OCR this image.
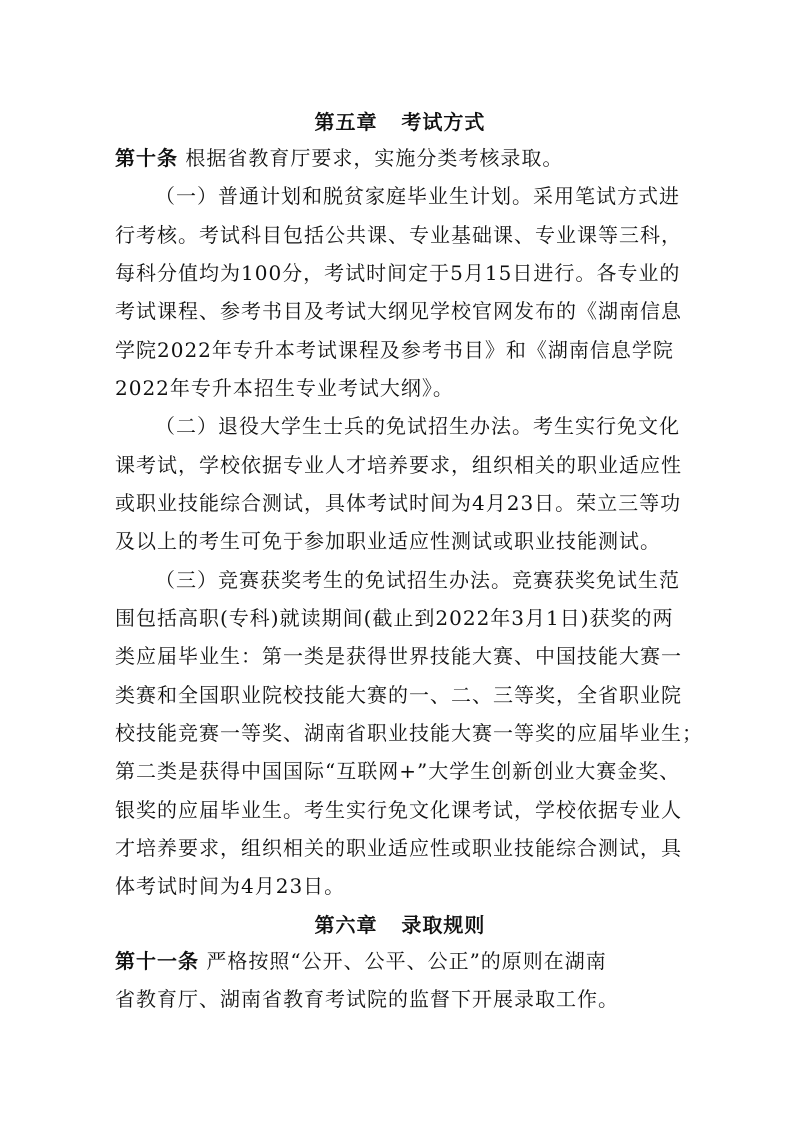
第五章   考试方式
第十条 根据省教育厅要求，实施分类考核录取。
（一）普通计划和脱贫家庭毕业生计划。采用笔试方式进
行考核。考试科目包括公共课、专业基础课、专业课等三科，
每科分值均为100分，考试时间定于5月15日进行。各专业的
考试课程、参考书目及考试大纲见学校官网发布的《湖南信息
学院2022年专升本考试课程及参考书目》和《湖南信息学院
2022年专升本招生专业考试大纲》。
（二）退役大学生士兵的免试招生办法。考生实行免文化
课考试，学校依据专业人才培养要求，组织相关的职业适应性
或职业技能综合测试，具体考试时间为4月23日。荣立三等功
及以上的考生可免于参加职业适应性测试或职业技能测试。
（三）竞赛获奖考生的免试招生办法。竞赛获奖免试生范
围包括高职(专科)就读期间(截止到2022年3月1日)获奖的两
类应届毕业生：第一类是获得世界技能大赛、中国技能大赛一
类赛和全国职业院校技能大赛的一、二、三等奖，全省职业院
校技能竞赛一等奖、湖南省职业技能大赛一等奖的应届毕业生；
第二类是获得中国国际“互联网+”大学生创新创业大赛金奖、
银奖的应届毕业生。考生实行免文化课考试，学校依据专业人
才培养要求，组织相关的职业适应性或职业技能综合测试，具
体考试时间为4月23日。
第六章   录取规则
第十一条 严格按照“公开、公平、公正”的原则在湖南
省教育厅、湖南省教育考试院的监督下开展录取工作。
